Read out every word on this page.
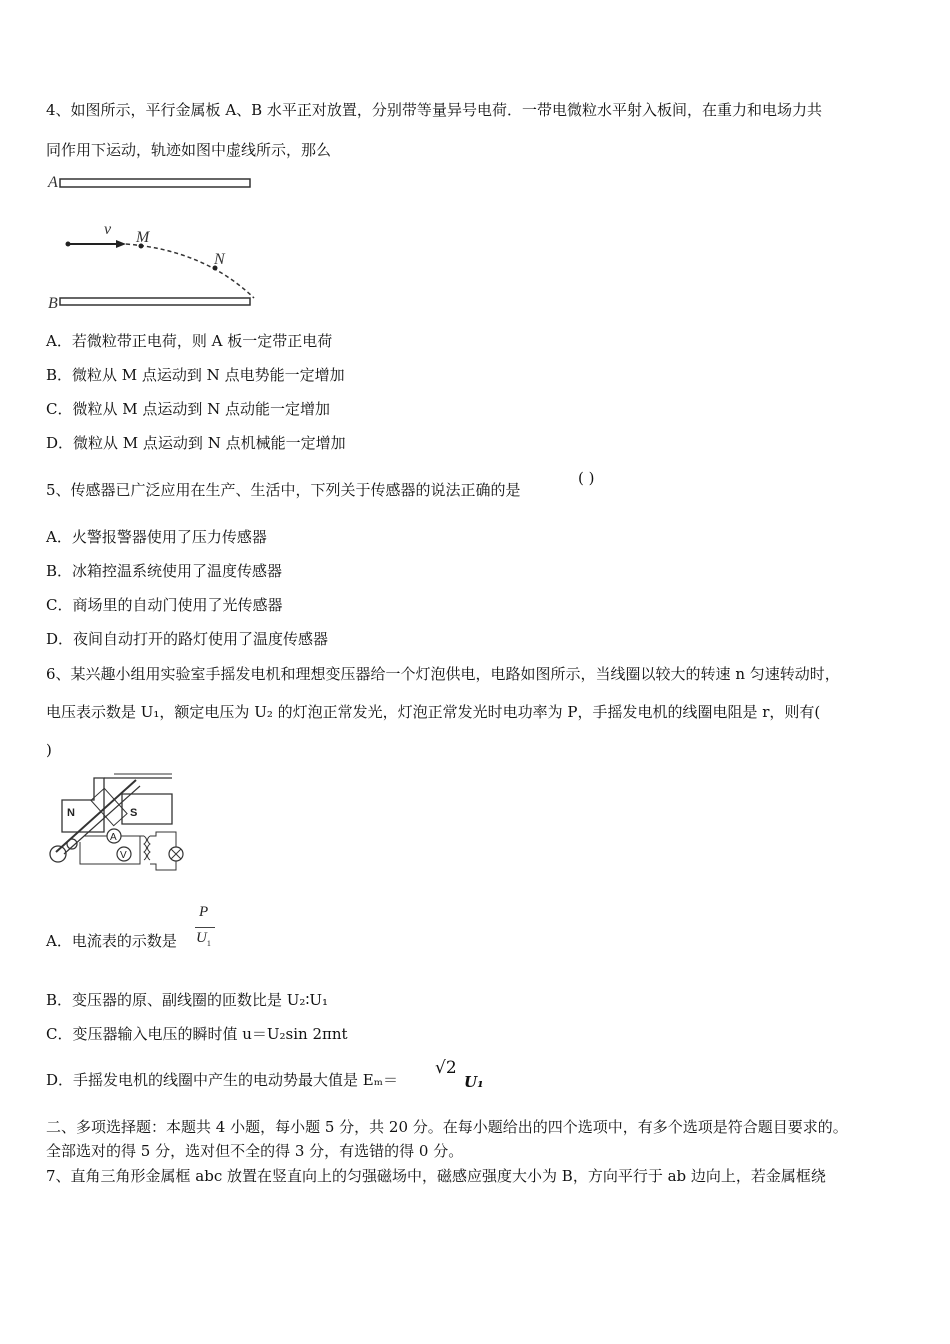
4、如图所示，平行金属板 A、B 水平正对放置，分别带等量异号电荷．一带电微粒水平射入板间，在重力和电场力共
同作用下运动，轨迹如图中虚线所示，那么
A
v M
N
B
A．若微粒带正电荷，则 A 板一定带正电荷
B．微粒从 M 点运动到 N 点电势能一定增加
C．微粒从 M 点运动到 N 点动能一定增加
D．微粒从 M 点运动到 N 点机械能一定增加
5、传感器已广泛应用在生产、生活中，下列关于传感器的说法正确的是
( )
A．火警报警器使用了压力传感器
B．冰箱控温系统使用了温度传感器
C．商场里的自动门使用了光传感器
D．夜间自动打开的路灯使用了温度传感器
6、某兴趣小组用实验室手摇发电机和理想变压器给一个灯泡供电，电路如图所示，当线圈以较大的转速 n 匀速转动时，
电压表示数是 U₁，额定电压为 U₂ 的灯泡正常发光，灯泡正常发光时电功率为 P，手摇发电机的线圈电阻是 r，则有(
)
N	S
A
V
A．电流表的示数是
P
$U_1$
B．变压器的原、副线圈的匝数比是 U₂∶U₁
C．变压器输入电压的瞬时值 u＝U₂sin 2πnt
D．手摇发电机的线圈中产生的电动势最大值是 Eₘ＝
√2
U₁
二、多项选择题：本题共 4 小题，每小题 5 分，共 20 分。在每小题给出的四个选项中，有多个选项是符合题目要求的。
全部选对的得 5 分，选对但不全的得 3 分，有选错的得 0 分。
7、直角三角形金属框 abc 放置在竖直向上的匀强磁场中，磁感应强度大小为 B，方向平行于 ab 边向上，若金属框绕
